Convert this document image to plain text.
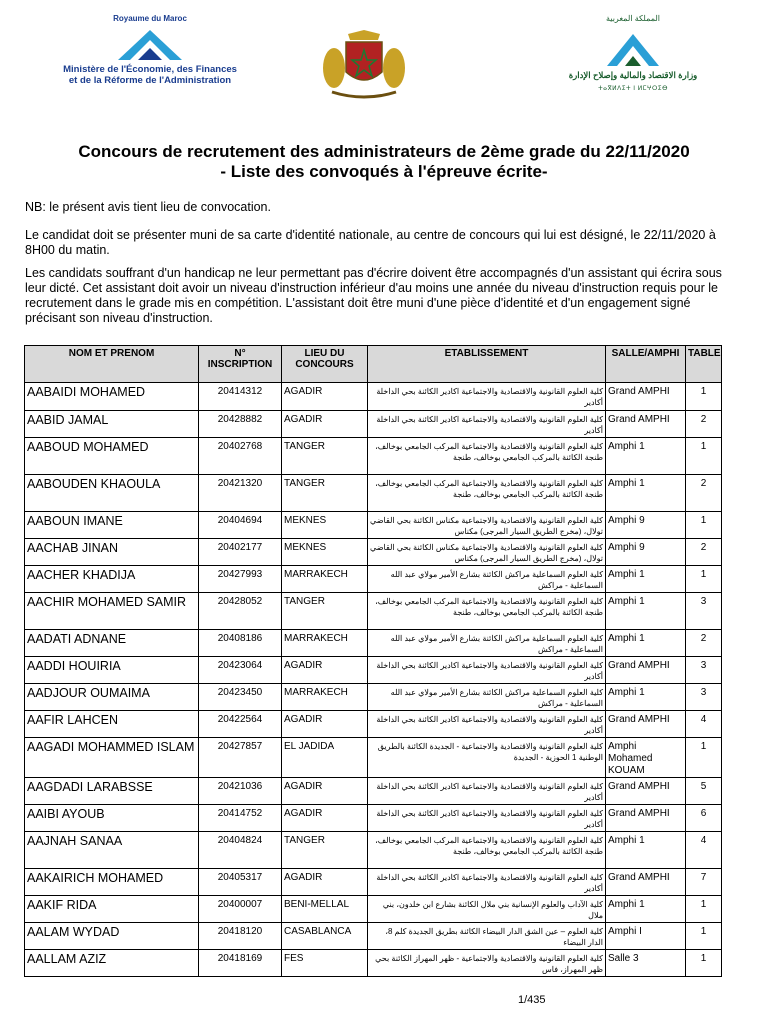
Royaume du Maroc
Ministère de l'Économie, des Finances
et de la Réforme de l'Administration
المملكة المغربية
وزارة الاقتصاد والمالية وإصلاح الإدارة
ⵜⴰⴳⵍⴷⵉⵜ ⵏ ⵍⵎⵖⵔⵉⴱ
Concours de recrutement des administrateurs de 2ème grade du 22/11/2020
- Liste des convoqués à l'épreuve écrite-
NB: le présent avis tient lieu de convocation.
Le candidat doit se présenter muni de sa carte d'identité nationale, au centre de concours qui lui est désigné, le 22/11/2020 à 8H00 du matin.
Les candidats souffrant d'un handicap ne leur permettant pas d'écrire doivent être accompagnés d'un assistant qui écrira sous leur dicté. Cet assistant doit avoir un niveau d'instruction inférieur d'au moins une année du niveau d'instruction requis pour le recrutement dans le grade mis en compétition. L'assistant doit être muni d'une pièce d'identité et d'un engagement signé précisant son niveau d'instruction.
NOM ET PRENOM	N° INSCRIPTION	LIEU DU CONCOURS	ETABLISSEMENT	SALLE/AMPHI	TABLE
AABAIDI MOHAMED	20414312	AGADIR	كلية العلوم القانونية والاقتصادية والاجتماعية اكادير الكائنة بحي الداخلة أكادير	Grand AMPHI	1
AABID JAMAL	20428882	AGADIR	كلية العلوم القانونية والاقتصادية والاجتماعية اكادير الكائنة بحي الداخلة أكادير	Grand AMPHI	2
AABOUD MOHAMED	20402768	TANGER	كلية العلوم القانونية والاقتصادية والاجتماعية المركب الجامعي بوخالف، طنجة الكائنة بالمركب الجامعي بوخالف، طنجة	Amphi 1	1
AABOUDEN KHAOULA	20421320	TANGER	كلية العلوم القانونية والاقتصادية والاجتماعية المركب الجامعي بوخالف، طنجة الكائنة بالمركب الجامعي بوخالف، طنجة	Amphi 1	2
AABOUN IMANE	20404694	MEKNES	كلية العلوم القانونية والاقتصادية والاجتماعية مكناس الكائنة بحي القاضي تولال، (مخرج الطريق السيار المرجى) مكناس	Amphi 9	1
AACHAB JINAN	20402177	MEKNES	كلية العلوم القانونية والاقتصادية والاجتماعية مكناس الكائنة بحي القاضي تولال، (مخرج الطريق السيار المرجى) مكناس	Amphi 9	2
AACHER KHADIJA	20427993	MARRAKECH	كلية العلوم السماعلية مراكش الكائنة بشارع الأمير مولاي عبد الله السماعلية - مراكش	Amphi 1	1
AACHIR MOHAMED SAMIR	20428052	TANGER	كلية العلوم القانونية والاقتصادية والاجتماعية المركب الجامعي بوخالف، طنجة الكائنة بالمركب الجامعي بوخالف، طنجة	Amphi 1	3
AADATI ADNANE	20408186	MARRAKECH	كلية العلوم السماعلية مراكش الكائنة بشارع الأمير مولاي عبد الله السماعلية - مراكش	Amphi 1	2
AADDI HOUIRIA	20423064	AGADIR	كلية العلوم القانونية والاقتصادية والاجتماعية اكادير الكائنة بحي الداخلة أكادير	Grand AMPHI	3
AADJOUR OUMAIMA	20423450	MARRAKECH	كلية العلوم السماعلية مراكش الكائنة بشارع الأمير مولاي عبد الله السماعلية - مراكش	Amphi 1	3
AAFIR LAHCEN	20422564	AGADIR	كلية العلوم القانونية والاقتصادية والاجتماعية اكادير الكائنة بحي الداخلة أكادير	Grand AMPHI	4
AAGADI MOHAMMED ISLAM	20427857	EL JADIDA	كلية العلوم القانونية والاقتصادية والاجتماعية - الجديدة الكائنة بالطريق الوطنية 1 الحوزية - الجديدة	Amphi Mohamed KOUAM	1
AAGDADI LARABSSE	20421036	AGADIR	كلية العلوم القانونية والاقتصادية والاجتماعية اكادير الكائنة بحي الداخلة أكادير	Grand AMPHI	5
AAIBI AYOUB	20414752	AGADIR	كلية العلوم القانونية والاقتصادية والاجتماعية اكادير الكائنة بحي الداخلة أكادير	Grand AMPHI	6
AAJNAH SANAA	20404824	TANGER	كلية العلوم القانونية والاقتصادية والاجتماعية المركب الجامعي بوخالف، طنجة الكائنة بالمركب الجامعي بوخالف، طنجة	Amphi 1	4
AAKAIRICH MOHAMED	20405317	AGADIR	كلية العلوم القانونية والاقتصادية والاجتماعية اكادير الكائنة بحي الداخلة أكادير	Grand AMPHI	7
AAKIF RIDA	20400007	BENI-MELLAL	كلية الآداب والعلوم الإنسانية بني ملال الكائنة بشارع ابن خلدون، بني ملال	Amphi 1	1
AALAM WYDAD	20418120	CASABLANCA	كلية العلوم – عين الشق الدار البيضاء الكائنة بطريق الجديدة كلم 8، الدار البيضاء	Amphi I	1
AALLAM AZIZ	20418169	FES	كلية العلوم القانونية والاقتصادية والاجتماعية - ظهر المهراز الكائنة بحي ظهر المهراز، فاس	Salle 3	1
1/435
